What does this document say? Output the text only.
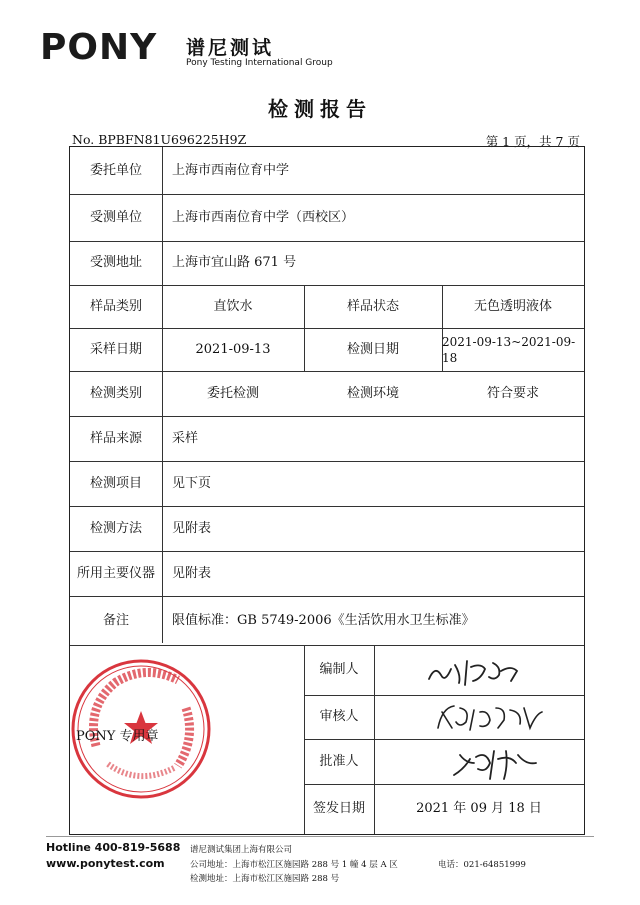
PONY 谱尼测试
Pony Testing International Group
检测报告
No. BPBFN81U696225H9Z	第 1 页，共 7 页
委托单位	上海市西南位育中学
受测单位	上海市西南位育中学（西校区）
受测地址	上海市宜山路 671 号
样品类别	直饮水	样品状态	无色透明液体
采样日期	2021-09-13	检测日期	2021-09-13~2021-09-18
检测类别	委托检测	检测环境	符合要求
样品来源	采样
检测项目	见下页
检测方法	见附表
所用主要仪器	见附表
备注	限值标准：GB 5749-2006《生活饮用水卫生标准》
编制人
审核人
批准人
签发日期	2021 年 09 月 18 日
PONY 专用章
Hotline 400-819-5688
www.ponytest.com
谱尼测试集团上海有限公司
公司地址：上海市松江区施园路 288 号 1 幢 4 层 A 区
检测地址：上海市松江区施园路 288 号
电话：021-64851999
